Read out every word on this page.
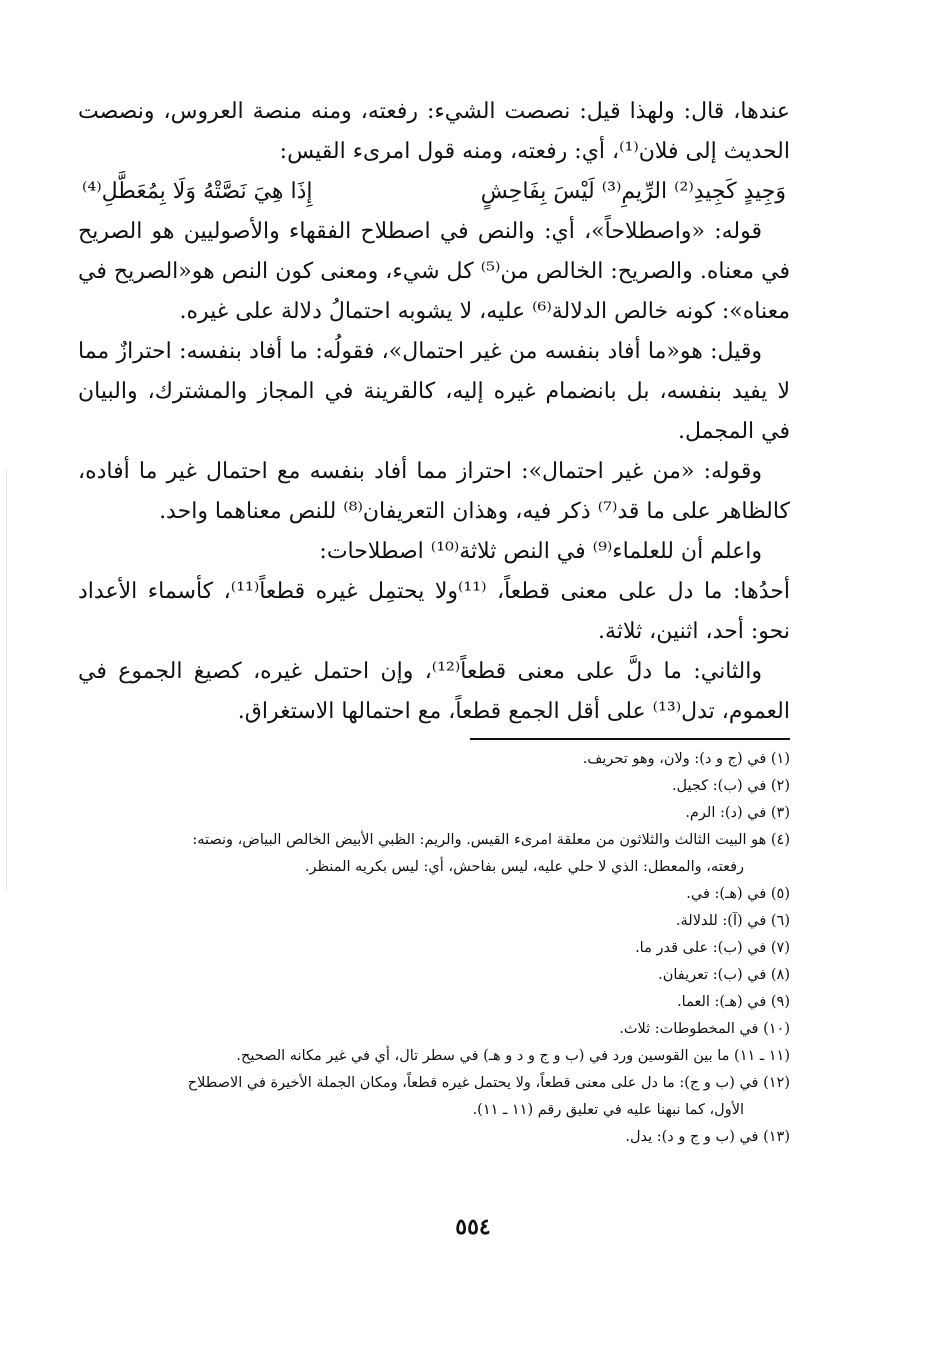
عندها، قال: ولهذا قيل: نصصت الشيء: رفعته، ومنه منصة العروس، ونصصت الحديث إلى فلان⁽¹⁾، أي: رفعته، ومنه قول امرىء القيس:

وَجِيدٍ كَجِيدِ⁽²⁾ الرِّيمِ⁽³⁾ لَيْسَ بِفَاحِشٍ
إِذَا هِيَ نَصَّتْهُ وَلَا بِمُعَطَّلِ⁽⁴⁾

قوله: «واصطلاحاً»، أي: والنص في اصطلاح الفقهاء والأصوليين هو الصريح في معناه. والصريح: الخالص من⁽⁵⁾ كل شيء، ومعنى كون النص هو«الصريح في معناه»: كونه خالص الدلالة⁽⁶⁾ عليه، لا يشوبه احتمالُ دلالة على غيره.

وقيل: هو«ما أفاد بنفسه من غير احتمال»، فقولُه: ما أفاد بنفسه: احترازٌ مما لا يفيد بنفسه، بل بانضمام غيره إليه، كالقرينة في المجاز والمشترك، والبيان في المجمل.

وقوله: «من غير احتمال»: احتراز مما أفاد بنفسه مع احتمال غير ما أفاده، كالظاهر على ما قد⁽⁷⁾ ذكر فيه، وهذان التعريفان⁽⁸⁾ للنص معناهما واحد.

واعلم أن للعلماء⁽⁹⁾ في النص ثلاثة⁽¹⁰⁾ اصطلاحات:

أحدُها: ما دل على معنى قطعاً، ⁽¹¹⁾ولا يحتمِل غيره قطعاً⁽¹¹⁾، كأسماء الأعداد نحو: أحد، اثنين، ثلاثة.

والثاني: ما دلَّ على معنى قطعاً⁽¹²⁾، وإن احتمل غيره، كصيغ الجموع في العموم، تدل⁽¹³⁾ على أقل الجمع قطعاً، مع احتمالها الاستغراق.

(١) في (ج و د): ولان، وهو تحريف.

(٢) في (ب): كجيل.

(٣) في (د): الرم.

(٤) هو البيت الثالث والثلاثون من معلقة امرىء القيس. والريم: الظبي الأبيض الخالص البياض، ونصته:

رفعته، والمعطل: الذي لا حلي عليه، ليس بفاحش، أي: ليس بكريه المنظر.

(٥) في (هـ): في.

(٦) في (آ): للدلالة.

(٧) في (ب): على قدر ما.

(٨) في (ب): تعريفان.

(٩) في (هـ): العما.

(١٠) في المخطوطات: ثلاث.

(١١ ـ ١١) ما بين القوسين ورد في (ب و ج و د و هـ) في سطر تال، أي في غير مكانه الصحيح.

(١٢) في (ب و ج): ما دل على معنى قطعاً، ولا يحتمل غيره قطعاً، ومكان الجملة الأخيرة في الاصطلاح

الأول، كما نبهنا عليه في تعليق رقم (١١ ـ ١١).

(١٣) في (ب و ج و د): يدل.

٥٥٤
